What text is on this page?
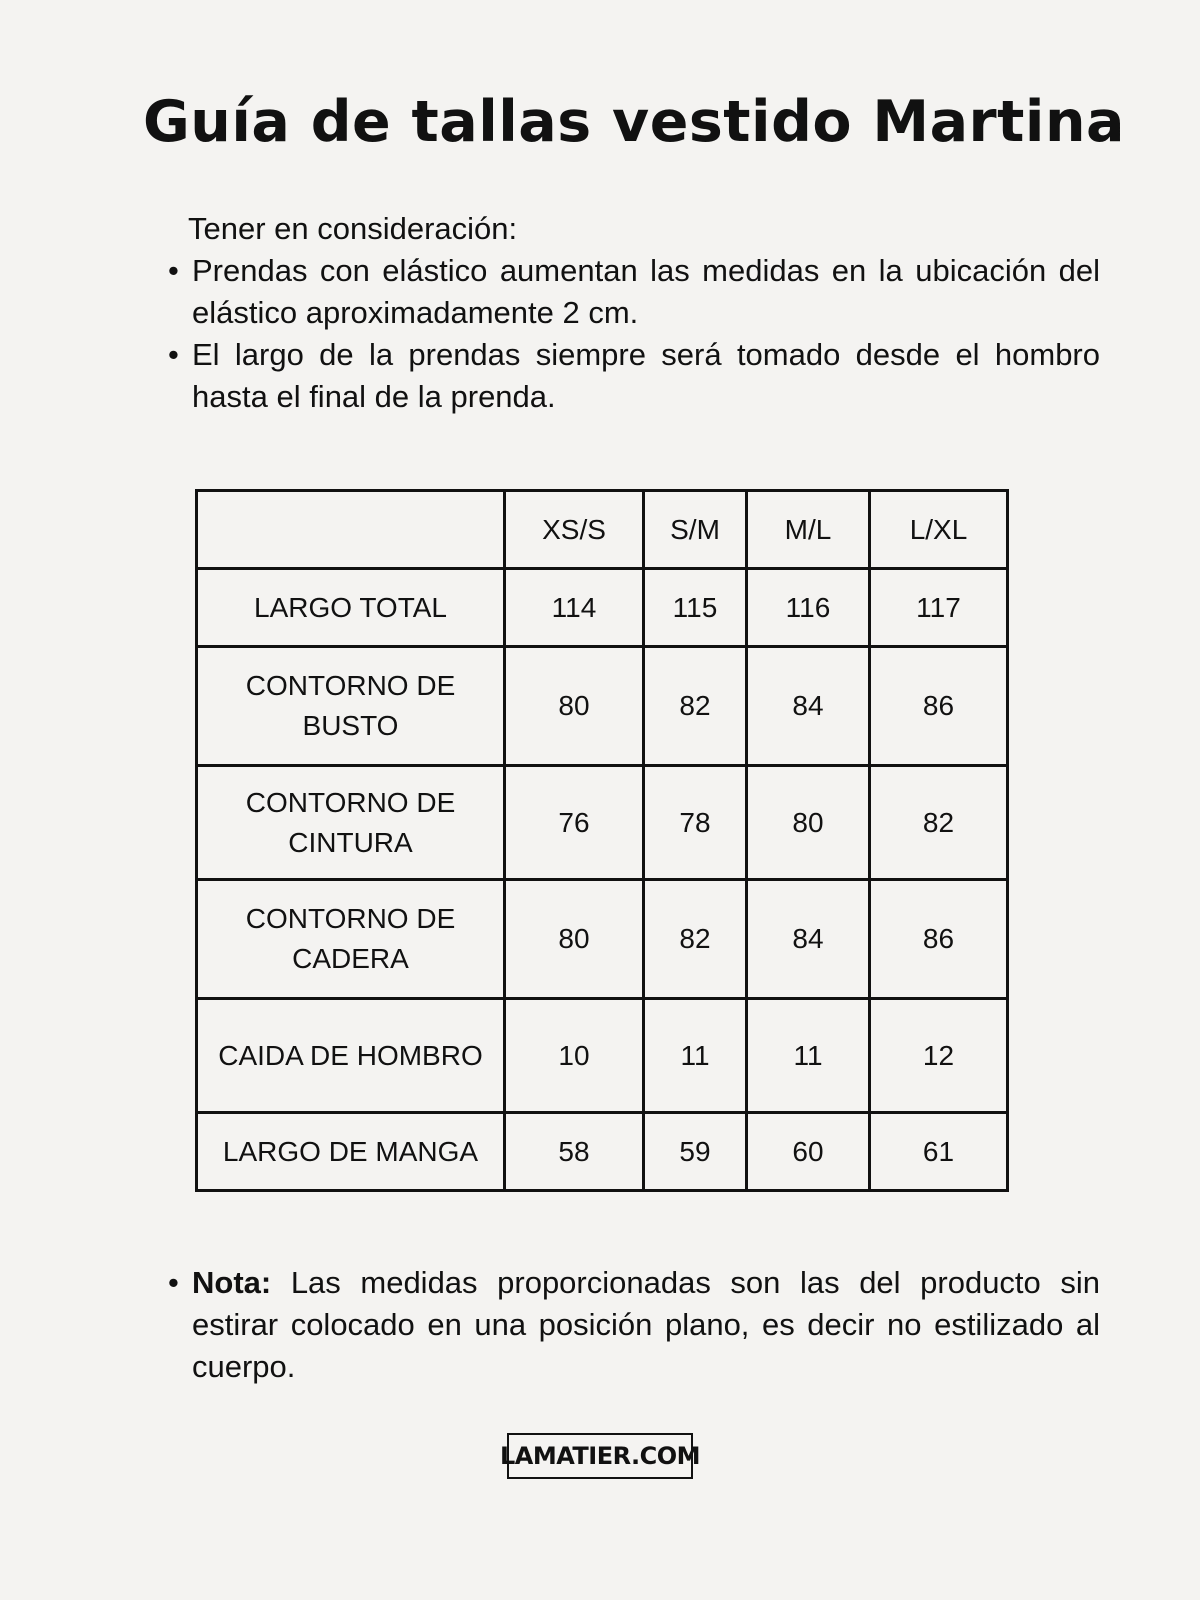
Guía de tallas vestido Martina
Tener en consideración:
• Prendas con elástico aumentan las medidas en la ubicación del elástico aproximadamente 2 cm.
• El largo de la prendas siempre será tomado desde el hombro hasta el final de la prenda.
	XS/S	S/M	M/L	L/XL
LARGO TOTAL	114	115	116	117
CONTORNO DE BUSTO	80	82	84	86
CONTORNO DE CINTURA	76	78	80	82
CONTORNO DE CADERA	80	82	84	86
CAIDA DE HOMBRO	10	11	11	12
LARGO DE MANGA	58	59	60	61
• Nota: Las medidas proporcionadas son las del producto sin estirar colocado en una posición plano, es decir no estilizado al cuerpo.
LAMATIER.COM
